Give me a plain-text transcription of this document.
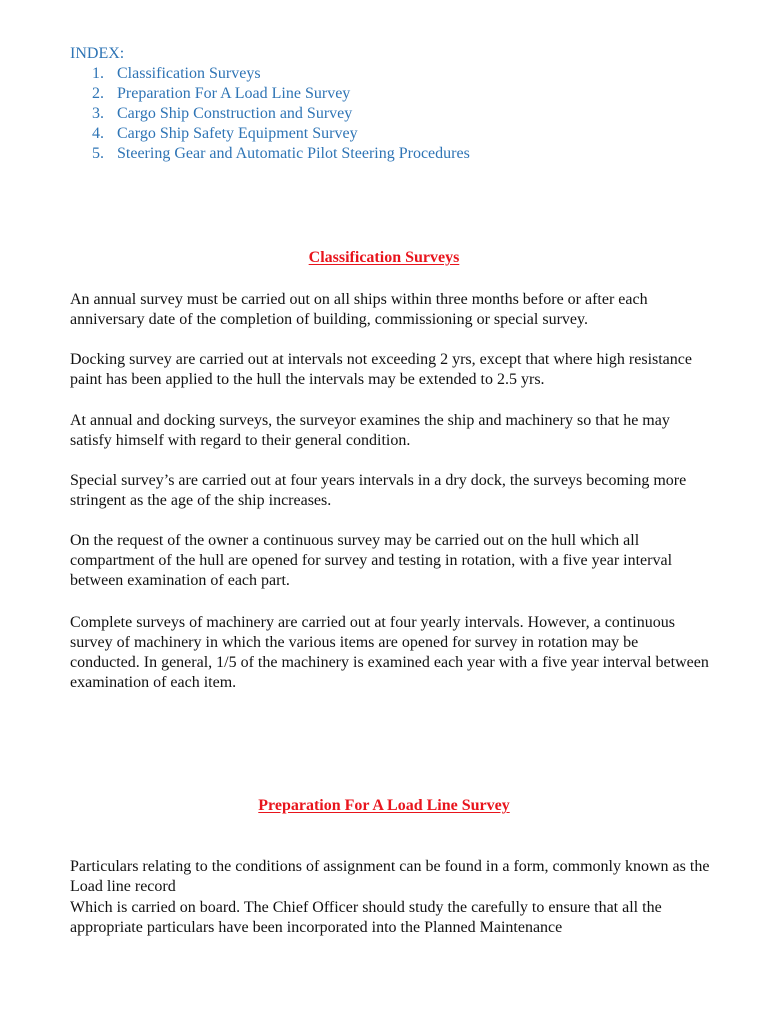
INDEX:

1. Classification Surveys
2. Preparation For A Load Line Survey
3. Cargo Ship Construction and Survey
4. Cargo Ship Safety Equipment Survey
5. Steering Gear and Automatic Pilot Steering Procedures
Classification Surveys

An annual survey must be carried out on all ships within three months before or after each anniversary date of the completion of building, commissioning or special survey.

Docking survey are carried out at intervals not exceeding 2 yrs, except that where high resistance paint has been applied to the hull the intervals may be extended to 2.5 yrs.

At annual and docking surveys, the surveyor examines the ship and machinery so that he may satisfy himself with regard to their general condition.

Special survey’s are carried out at four years intervals in a dry dock, the surveys becoming more stringent as the age of the ship increases.

On the request of the owner a continuous survey may be carried out on the hull which all compartment of the hull are opened for survey and testing in rotation, with a five year interval between examination of each part.

Complete surveys of machinery are carried out at four yearly intervals. However, a continuous survey of machinery in which the various items are opened for survey in rotation may be conducted. In general, 1/5 of the machinery is examined each year with a five year interval between examination of each item.

Preparation For A Load Line Survey

Particulars relating to the conditions of assignment can be found in a form, commonly known as the Load line record

Which is carried on board. The Chief Officer should study the carefully to ensure that all the appropriate particulars have been incorporated into the Planned Maintenance
